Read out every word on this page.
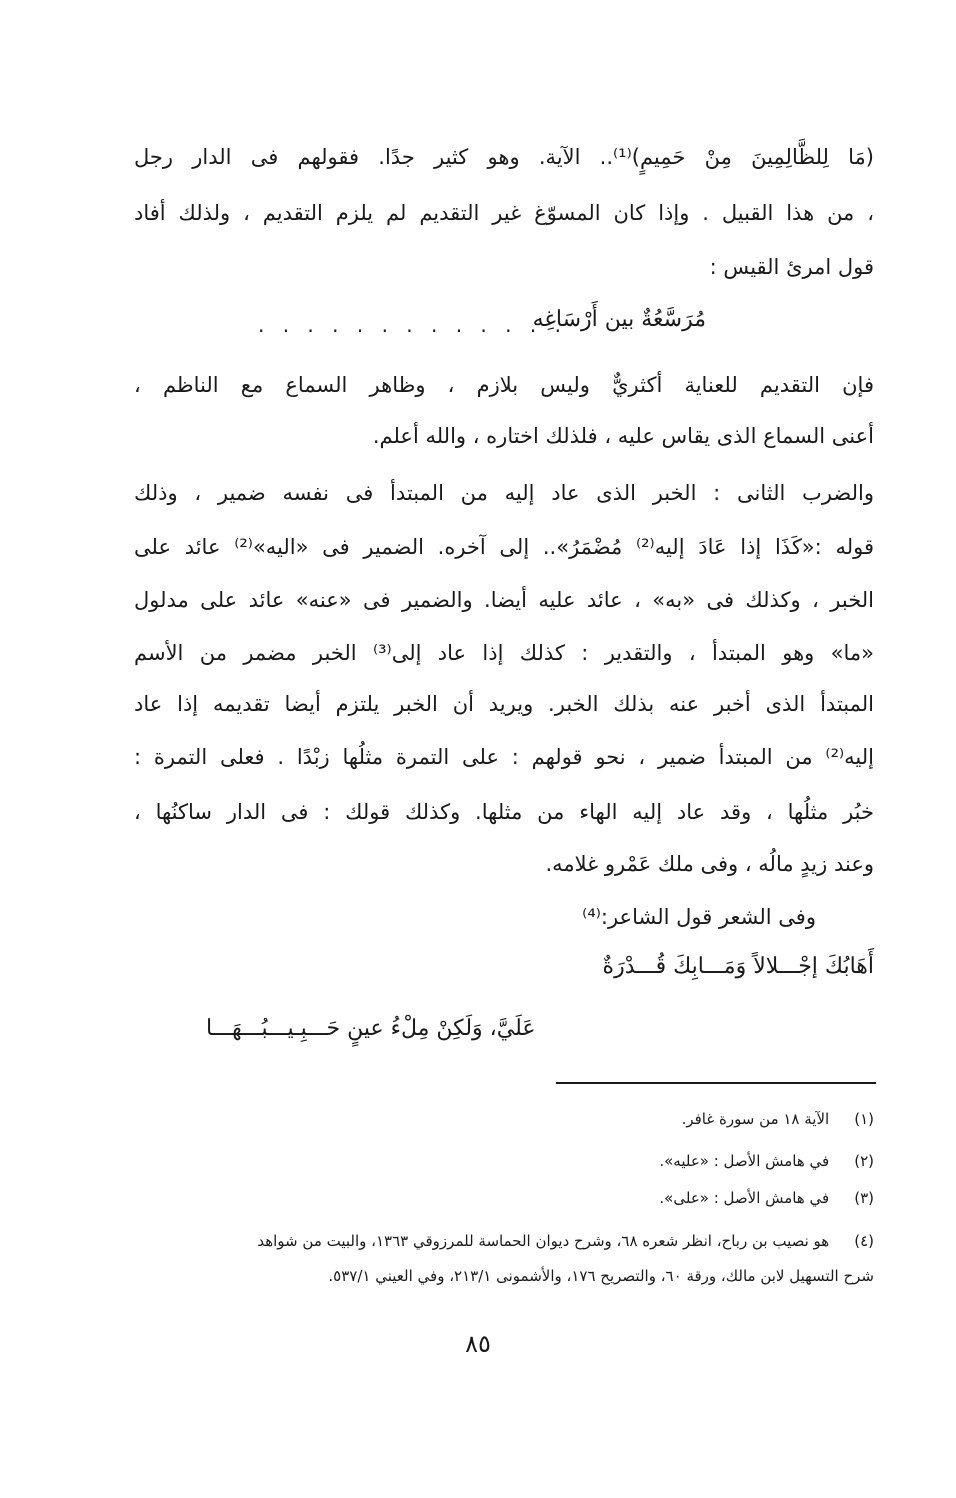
(مَا لِلظَّالِمِينَ مِنْ حَمِيمٍ)⁽¹⁾.. الآية. وهو كثير جدًا. فقولهم فى الدار رجل
، من هذا القبيل . وإذا كان المسوّغ غير التقديم لم يلزم التقديم ، ولذلك أفاد
قول امرئ القيس :
مُرَسَّعُةٌ بين أَرْسَاغِه
. . . . . . . . . . . . .
فإن التقديم للعناية أكثريٌّ وليس بلازم ، وظاهر السماع مع الناظم ،
أعنى السماع الذى يقاس عليه ، فلذلك اختاره ، والله أعلم.
والضرب الثانى : الخبر الذى عاد إليه من المبتدأ فى نفسه ضمير ، وذلك
قوله :«كَذَا إذا عَادَ إليه⁽²⁾ مُضْمَرُ».. إلى آخره. الضمير فى «اليه»⁽²⁾ عائد على
الخبر ، وكذلك فى «به» ، عائد عليه أيضا. والضمير فى «عنه» عائد على مدلول
«ما» وهو المبتدأ ، والتقدير : كذلك إذا عاد إلى⁽³⁾ الخبر مضمر من الأسم
المبتدأ الذى أخبر عنه بذلك الخبر. ويريد أن الخبر يلتزم أيضا تقديمه إذا عاد
إليه⁽²⁾ من المبتدأ ضمير ، نحو قولهم : على التمرة مثلُها زبْدًا . فعلى التمرة :
خبُر مثلُها ، وقد عاد إليه الهاء من مثلها. وكذلك قولك : فى الدار ساكنُها ،
وعند زيدٍ مالُه ، وفى ملك عَمْرو غلامه.
وفى الشعر قول الشاعر:⁽⁴⁾
أَهَابُكَ إجْـــلالاً وَمَـــابِكَ قُـــدْرَةٌ
عَلَيَّ، وَلَكِنْ مِلْءُ عينٍ حَـــبِـيـــبُـــهَـــا
(١) الآية ١٨ من سورة غافر.
(٢) في هامش الأصل : «عليه».
(٣) في هامش الأصل : «على».
(٤) هو نصيب بن رباح، انظر شعره ٦٨، وشرح ديوان الحماسة للمرزوقي ١٣٦٣، والبيت من شواهد
شرح التسهيل لابن مالك، ورقة ٦٠، والتصريح ١٧٦، والأشمونى ٢١٣/١، وفي العيني ٥٣٧/١.
٨٥
